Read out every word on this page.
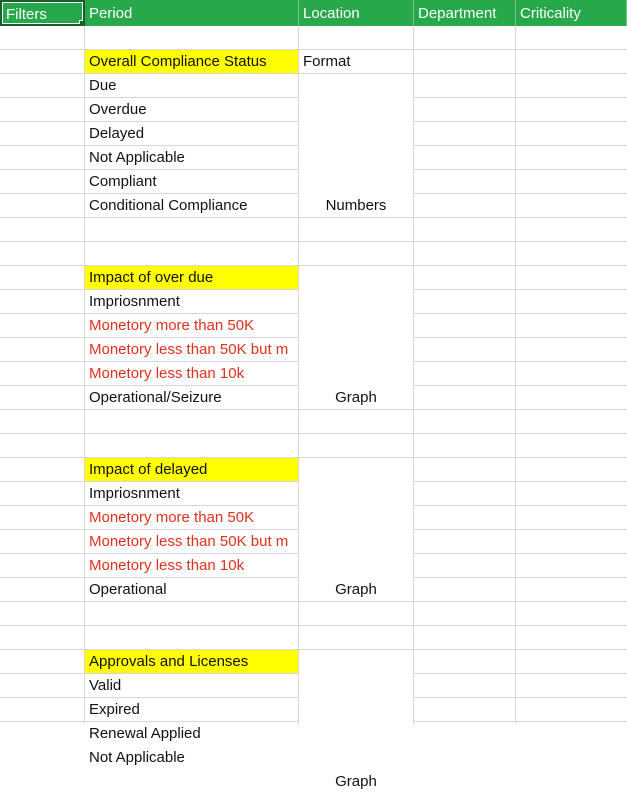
Filters	Period	Location	Department	Criticality
Overall Compliance Status	Format
Due
Overdue
Delayed
Not Applicable
Compliant
Conditional Compliance	Numbers
Impact of over due
Impriosnment
Monetory more than 50K
Monetory less than 50K but m
Monetory less than 10k
Operational/Seizure	Graph
Impact of delayed
Impriosnment
Monetory more than 50K
Monetory less than 50K but m
Monetory less than 10k
Operational	Graph
Approvals and Licenses
Valid
Expired
Renewal Applied
Not Applicable
Graph
